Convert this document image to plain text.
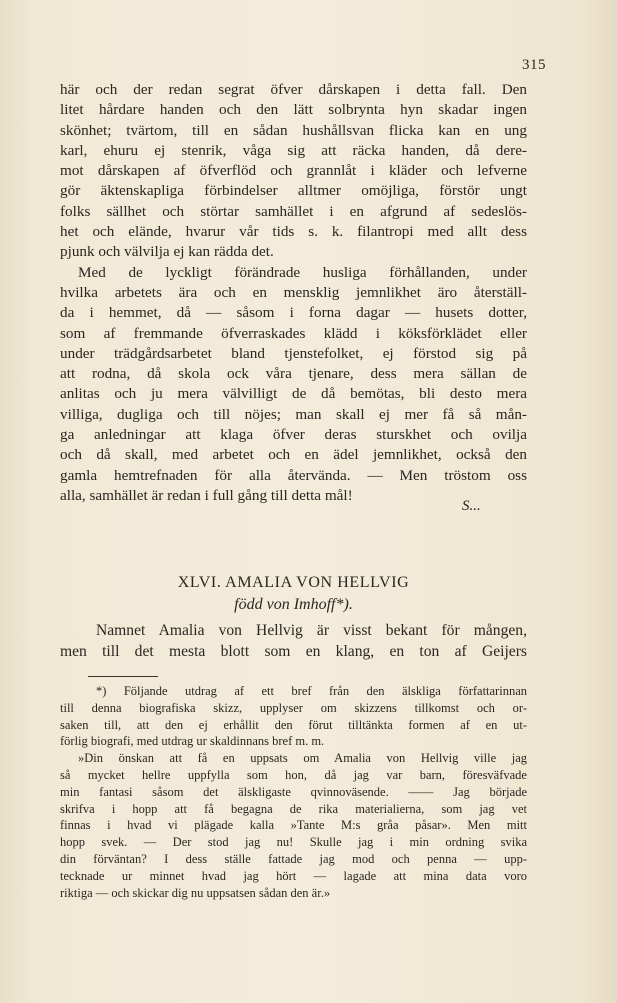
315
här och der redan segrat öfver dårskapen i detta fall. Den
litet hårdare handen och den lätt solbrynta hyn skadar ingen
skönhet; tvärtom, till en sådan hushållsvan flicka kan en ung
karl, ehuru ej stenrik, våga sig att räcka handen, då dere-
mot dårskapen af öfverflöd och grannlåt i kläder och lefverne
gör äktenskapliga förbindelser alltmer omöjliga, förstör ungt
folks sällhet och störtar samhället i en afgrund af sedeslös-
het och elände, hvarur vår tids s. k. filantropi med allt dess
pjunk och välvilja ej kan rädda det.
Med de lyckligt förändrade husliga förhållanden, under
hvilka arbetets ära och en mensklig jemnlikhet äro återställ-
da i hemmet, då — såsom i forna dagar — husets dotter,
som af fremmande öfverraskades klädd i köksförklädet eller
under trädgårdsarbetet bland tjenstefolket, ej förstod sig på
att rodna, då skola ock våra tjenare, dess mera sällan de
anlitas och ju mera välvilligt de då bemötas, bli desto mera
villiga, dugliga och till nöjes; man skall ej mer få så mån-
ga anledningar att klaga öfver deras sturskhet och ovilja
och då skall, med arbetet och en ädel jemnlikhet, också den
gamla hemtrefnaden för alla återvända. — Men tröstom oss
alla, samhället är redan i full gång till detta mål!
S...
XLVI. AMALIA VON HELLVIG
född von Imhoff*).
Namnet Amalia von Hellvig är visst bekant för mången,
men till det mesta blott som en klang, en ton af Geijers
*) Följande utdrag af ett bref från den älskliga författarinnan
till denna biografiska skizz, upplyser om skizzens tillkomst och or-
saken till, att den ej erhållit den förut tilltänkta formen af en ut-
förlig biografi, med utdrag ur skaldinnans bref m. m.
»Din önskan att få en uppsats om Amalia von Hellvig ville jag
så mycket hellre uppfylla som hon, då jag var barn, föresväfvade
min fantasi såsom det älskligaste qvinnoväsende. —— Jag började
skrifva i hopp att få begagna de rika materialierna, som jag vet
finnas i hvad vi plägade kalla »Tante M:s gråa påsar». Men mitt
hopp svek. — Der stod jag nu! Skulle jag i min ordning svika
din förväntan? I dess ställe fattade jag mod och penna — upp-
tecknade ur minnet hvad jag hört — lagade att mina data voro
riktiga — och skickar dig nu uppsatsen sådan den är.»
